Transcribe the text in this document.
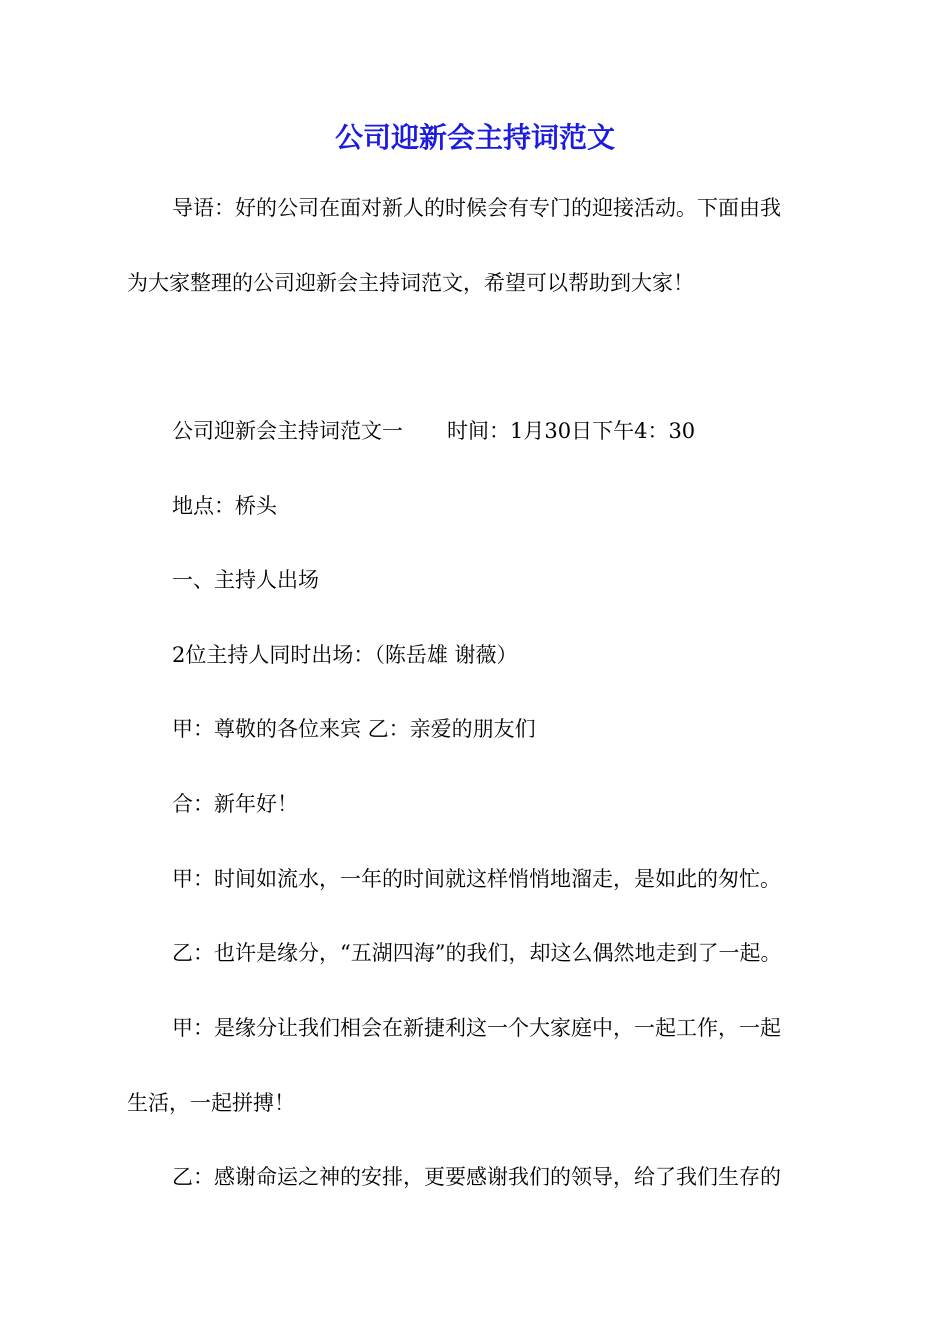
公司迎新会主持词范文

导语：好的公司在面对新人的时候会有专门的迎接活动。下面由我

为大家整理的公司迎新会主持词范文，希望可以帮助到大家！

公司迎新会主持词范文一 时间：1月30日下午4：30

地点：桥头

一、主持人出场

2位主持人同时出场：（陈岳雄 谢薇）

甲：尊敬的各位来宾 乙：亲爱的朋友们

合：新年好！

甲：时间如流水，一年的时间就这样悄悄地溜走，是如此的匆忙。

乙：也许是缘分，“五湖四海”的我们，却这么偶然地走到了一起。

甲：是缘分让我们相会在新捷利这一个大家庭中，一起工作，一起

生活，一起拼搏！

乙：感谢命运之神的安排，更要感谢我们的领导，给了我们生存的
